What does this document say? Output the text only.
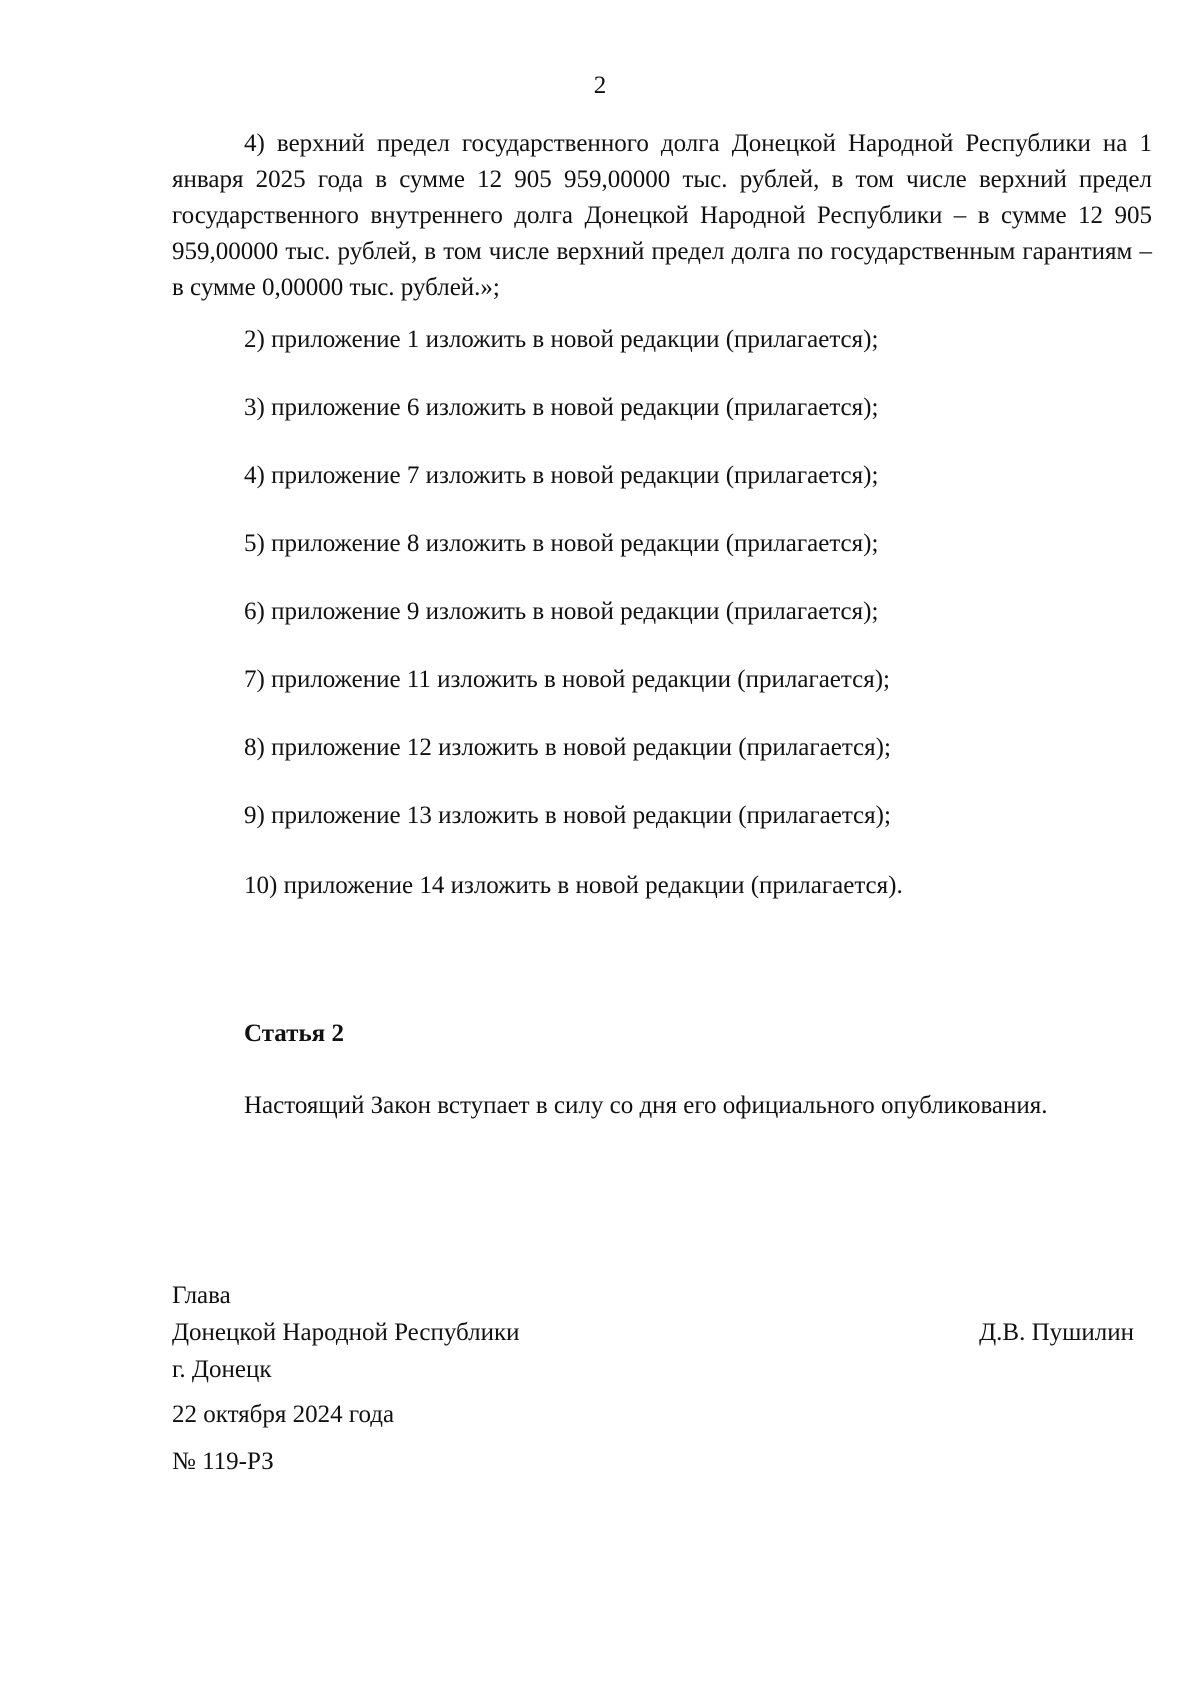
2
4) верхний предел государственного долга Донецкой Народной Республики на 1 января 2025 года в сумме 12 905 959,00000 тыс. рублей, в том числе верхний предел государственного внутреннего долга Донецкой Народной Республики – в сумме 12 905 959,00000 тыс. рублей, в том числе верхний предел долга по государственным гарантиям – в сумме 0,00000 тыс. рублей.»;
2) приложение 1 изложить в новой редакции (прилагается);
3) приложение 6 изложить в новой редакции (прилагается);
4) приложение 7 изложить в новой редакции (прилагается);
5) приложение 8 изложить в новой редакции (прилагается);
6) приложение 9 изложить в новой редакции (прилагается);
7) приложение 11 изложить в новой редакции (прилагается);
8) приложение 12 изложить в новой редакции (прилагается);
9) приложение 13 изложить в новой редакции (прилагается);
10) приложение 14 изложить в новой редакции (прилагается).
Статья 2
Настоящий Закон вступает в силу со дня его официального опубликования.
Глава
Донецкой Народной Республики	Д.В. Пушилин
г. Донецк
22 октября 2024 года
№ 119-РЗ
